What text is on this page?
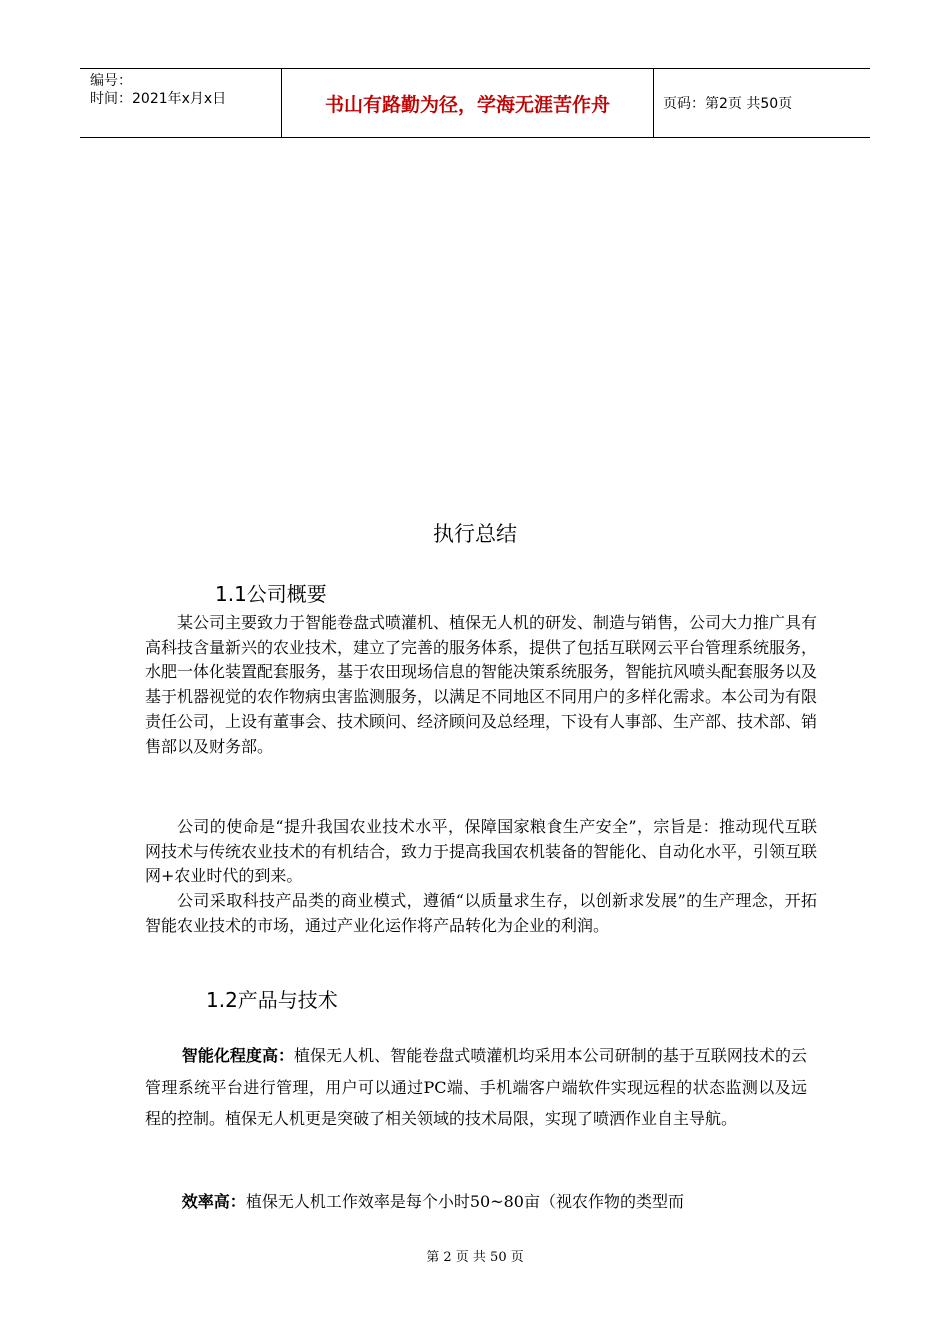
编号：
时间：2021年x月x日	书山有路勤为径，学海无涯苦作舟	页码：第2页 共50页
执行总结
1.1公司概要
某公司主要致力于智能卷盘式喷灌机、植保无人机的研发、制造与销售，公司大力推广具有高科技含量新兴的农业技术，建立了完善的服务体系，提供了包括互联网云平台管理系统服务，水肥一体化装置配套服务，基于农田现场信息的智能决策系统服务，智能抗风喷头配套服务以及基于机器视觉的农作物病虫害监测服务，以满足不同地区不同用户的多样化需求。本公司为有限责任公司，上设有董事会、技术顾问、经济顾问及总经理，下设有人事部、生产部、技术部、销售部以及财务部。
公司的使命是“提升我国农业技术水平，保障国家粮食生产安全”，宗旨是：推动现代互联网技术与传统农业技术的有机结合，致力于提高我国农机装备的智能化、自动化水平，引领互联网+农业时代的到来。
公司采取科技产品类的商业模式，遵循“以质量求生存，以创新求发展”的生产理念，开拓智能农业技术的市场，通过产业化运作将产品转化为企业的利润。
1.2产品与技术
智能化程度高：植保无人机、智能卷盘式喷灌机均采用本公司研制的基于互联网技术的云管理系统平台进行管理，用户可以通过PC端、手机端客户端软件实现远程的状态监测以及远程的控制。植保无人机更是突破了相关领域的技术局限，实现了喷洒作业自主导航。
效率高：植保无人机工作效率是每个小时50~80亩（视农作物的类型而
第 2 页 共 50 页
